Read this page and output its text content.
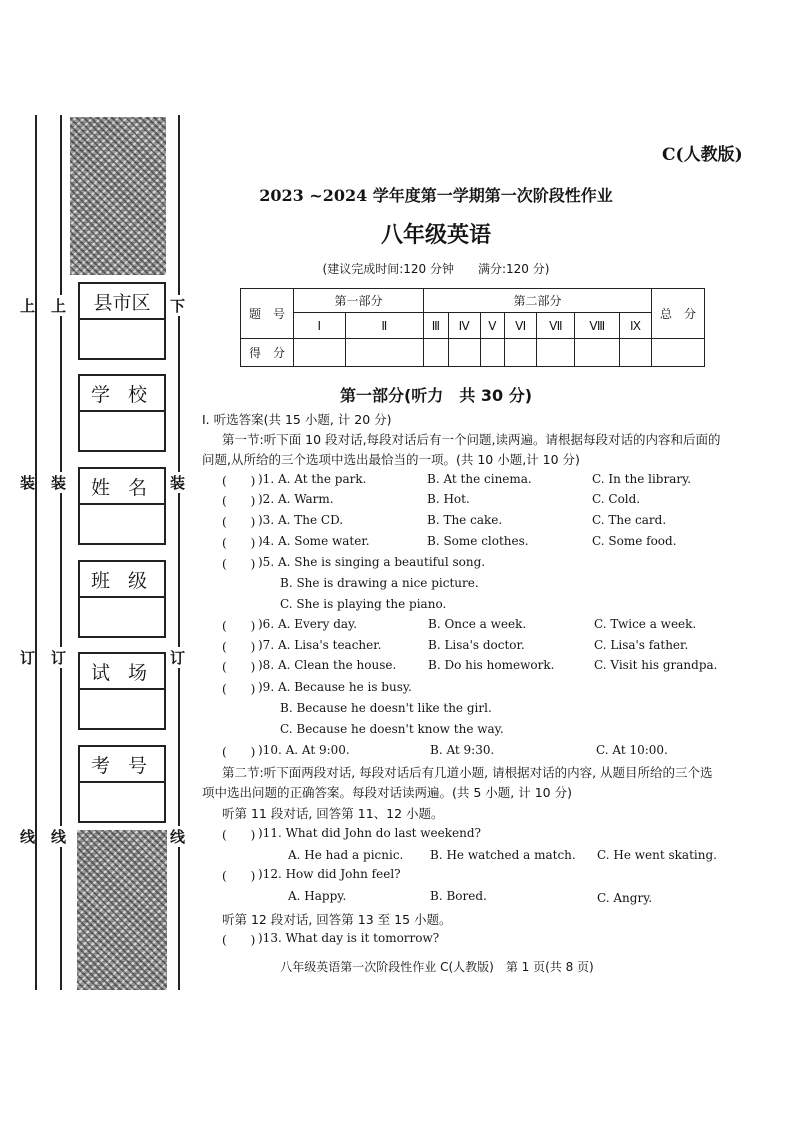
上
装
订
线
上
装
订
线
下
装
订
线
县市区
学 校
姓 名
班 级
试 场
考 号
C(人教版)
2023 ~2024 学年度第一学期第一次阶段性作业
八年级英语
(建议完成时间:120 分钟　　满分:120 分)
题　号	第一部分		第二部分							总　分
	Ⅰ	Ⅱ	Ⅲ	Ⅳ	Ⅴ	Ⅵ	Ⅶ	Ⅷ	Ⅸ	
得　分										
第一部分(听力　共 30 分)
Ⅰ. 听选答案(共 15 小题, 计 20 分)
第一节:听下面 10 段对话,每段对话后有一个问题,读两遍。请根据每段对话的内容和后面的
问题,从所给的三个选项中选出最恰当的一项。(共 10 小题,计 10 分)
(　　) )1. A. At the park.	B. At the cinema.	C. In the library.
(　　) )2. A. Warm.	B. Hot.	C. Cold.
(　　) )3. A. The CD.	B. The cake.	C. The card.
(　　) )4. A. Some water.	B. Some clothes.	C. Some food.
(　　) )5. A. She is singing a beautiful song.
B. She is drawing a nice picture.
C. She is playing the piano.
(　　) )6. A. Every day.	B. Once a week.	C. Twice a week.
(　　) )7. A. Lisa's teacher.	B. Lisa's doctor.	C. Lisa's father.
(　　) )8. A. Clean the house.	B. Do his homework.	C. Visit his grandpa.
(　　) )9. A. Because he is busy.
B. Because he doesn't like the girl.
C. Because he doesn't know the way.
(　　) )10. A. At 9:00.	B. At 9:30.	C. At 10:00.
第二节:听下面两段对话, 每段对话后有几道小题, 请根据对话的内容, 从题目所给的三个选
项中选出问题的正确答案。每段对话读两遍。(共 5 小题, 计 10 分)
听第 11 段对话, 回答第 11、12 小题。
(　　) )11. What did John do last weekend?
A. He had a picnic. B. He watched a match. C. He went skating.
(　　) )12. How did John feel?
A. Happy.	B. Bored.	C. Angry.
听第 12 段对话, 回答第 13 至 15 小题。
(　　) )13. What day is it tomorrow?
八年级英语第一次阶段性作业 C(人教版)　第 1 页(共 8 页)
